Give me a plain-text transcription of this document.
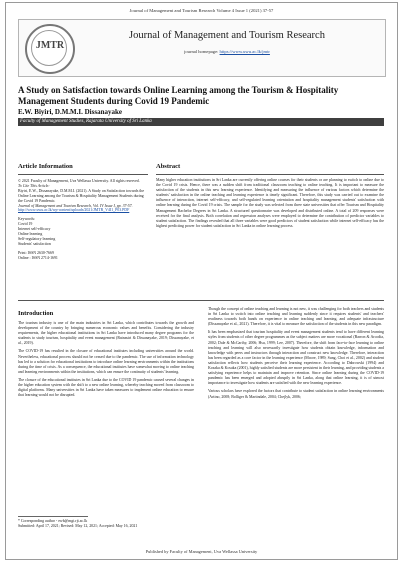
Journal of Management and Tourism Research Volume 4 Issue 1 (2021) 37-57
JMTR
Journal of Management and Tourism Research
journal homepage: https://www.uwu.ac.lk/jmtr
A Study on Satisfaction towards Online Learning among the Tourism & Hospitality Management Students during Covid 19 Pandemic
E.W. Biyiri, D.M.M.I. Dissanayake
Faculty of Management Studies, Rajarata University of Sri Lanka
Article Information	Abstract

© 2021 Faculty of Management, Uva Wellassa University. All rights reserved.

To Cite This Article:

Biyiri, E.W., Dissanayake, D.M.M.I. (2021). A Study on Satisfaction towards the Online Learning among the Tourism & Hospitality Management Students during the Covid 19 Pandemic.

Journal of Management and Tourism Research, Vol. IV Issue I, pp. 37-57.

http://www.uwu.ac.lk/wp-content/uploads/2021/JMTR_V4I1_P03.PDF

Keywords:

Covid 19

Internet self-efficacy

Online learning

Self-regulatory learning

Students' satisfaction

Print: ISSN 2630-7669

Online : ISSN 2714-1691

Many higher education institutions in Sri Lanka are currently offering online courses for their students or are planning to switch to online due to the Covid 19 crisis. Hence, there was a sudden shift from traditional classroom teaching to online teaching. It is important to measure the satisfaction of the students in this new learning experience. Identifying and measuring the influence of various factors which determine the students' satisfaction in the online teaching and learning experience is timely significant. Therefore, this study was carried out to examine the influence of interaction, internet self-efficacy, and self-regulated learning orientation and hospitality management students' satisfaction with online learning during the Covid 19 crisis. The sample for the study was selected from three state universities that offer Tourism and Hospitality Management Bachelor Degrees in Sri Lanka. A structured questionnaire was developed and distributed online. A total of 209 responses were received for the final analysis. Both correlation and regression analyses were employed to determine the contribution of predictor variables to student satisfaction. The findings revealed that all three variables were good predictors of student satisfaction while internet self-efficacy has the highest predicting power for student satisfaction in Sri Lanka in online learning process.

Introduction

The tourism industry is one of the main industries in Sri Lanka, which contributes towards the growth and development of the country by bringing numerous economic values and benefits. Considering the industry requirements, the higher educational institutions in Sri Lanka have introduced many degree programs for the students to study tourism, hospitality and event management (Ratnasiri & Dissanayake, 2019; Dissanayake, et al., 2019).

The COVID-19 has resulted in the closure of educational institutes including universities around the world. Nevertheless, educational process should not be ceased due to the pandemic. The use of information technology has led to a solution for educational institutions to introduce online learning environments within the institutions during the time of crisis. As a consequence, the educational institutes have somewhat moving to online teaching and learning environments within the institutions, which can ensure the continuity of students' learning.

The closure of the educational institutes in Sri Lanka due to the COVID 19 pandemic caused several changes in the higher education system with the shift to a new online learning, whereby teaching moved from classroom to digital platforms. Many universities in Sri Lanka have taken measures to implement online education to ensure that learning would not be disrupted.

Though the concept of online teaching and learning is not new, it was challenging for both teachers and students in Sri Lanka to switch into online teaching and learning suddenly since it requires students' and teachers' readiness towards both hands on experience in online teaching and learning, and adequate infrastructure (Dissanayake et al., 2021). Therefore, it is vital to measure the satisfaction of the students in this new paradigm.

It has been emphasized that tourism hospitality and event management students tend to have different learning styles from students of other degree programmes as the subject matters are more vocational (Barron & Arcodia, 2002; Dale & McCarthy, 2006; Hsu, 1999; Lee, 2007). Therefore, the shift from face-to-face learning to online teaching and learning will also necessarily investigate how students obtain knowledge, information and knowledge with peers and instructors through interaction and construct new knowledge. Therefore, interaction has been regarded as a core factor in the learning experience (Moore, 1989; Sung, Choi et al., 2002) and student satisfaction reflects how students perceive their learning experience. According to Dabrowski (1994) and Kosaka & Kosaka (2001), highly satisfied students are more persistent in their learning, and providing students a satisfying experience helps to maintain and improve retention. Since online learning during the COVID-19 pandemic has been emerged and adopted abruptly in Sri Lanka, along that online learning, it is of utmost importance to investigate how students are satisfied with the new learning experience.

Various scholars have explored the factors that contribute to student satisfaction in online learning environments (Artino, 2008; Bolliger & Martindale, 2004; Chejlyk, 2006;

* Corresponding author - ewb@mgt.rjt.ac.lk
Submitted: April 17, 2021; Revised: May 12, 2021; Accepted: May 16, 2021
Published by Faculty of Management, Uva Wellassa University
